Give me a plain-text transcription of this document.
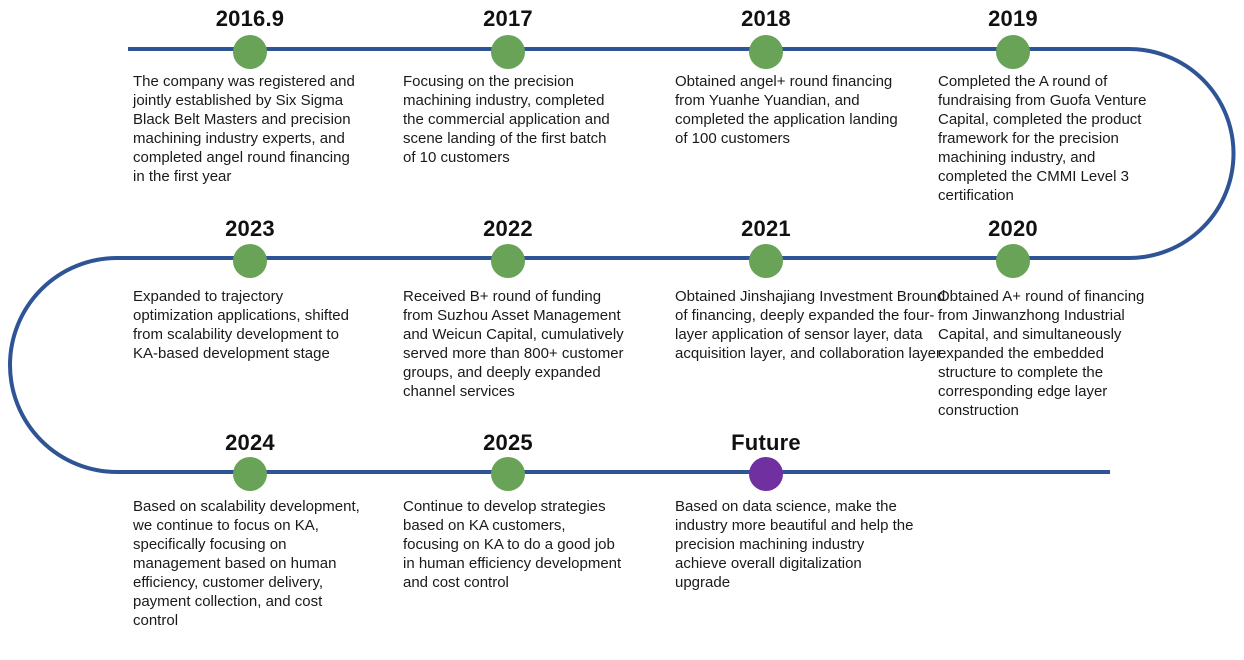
2016.9
The company was registered and jointly established by Six Sigma Black Belt Masters and precision machining industry experts, and completed angel round financing in the first year
2017
Focusing on the precision machining industry, completed the commercial application and scene landing of the first batch of 10 customers
2018
Obtained angel+ round financing from Yuanhe Yuandian, and completed the application landing of 100 customers
2019
Completed the A round of fundraising from Guofa Venture Capital, completed the product framework for the precision machining industry, and completed the CMMI Level 3 certification
2023
Expanded to trajectory optimization applications, shifted from scalability development to KA-based development stage
2022
Received B+ round of funding from Suzhou Asset Management and Weicun Capital, cumulatively served more than 800+ customer groups, and deeply expanded channel services
2021
Obtained Jinshajiang Investment Bround of financing, deeply expanded the four-layer application of sensor layer, data acquisition layer, and collaboration layer
2020
Obtained A+ round of financing from Jinwanzhong Industrial Capital, and simultaneously expanded the embedded structure to complete the corresponding edge layer construction
2024
Based on scalability development, we continue to focus on KA, specifically focusing on management based on human efficiency, customer delivery, payment collection, and cost control
2025
Continue to develop strategies based on KA customers, focusing on KA to do a good job in human efficiency development and cost control
Future
Based on data science, make the industry more beautiful and help the precision machining industry achieve overall digitalization upgrade
